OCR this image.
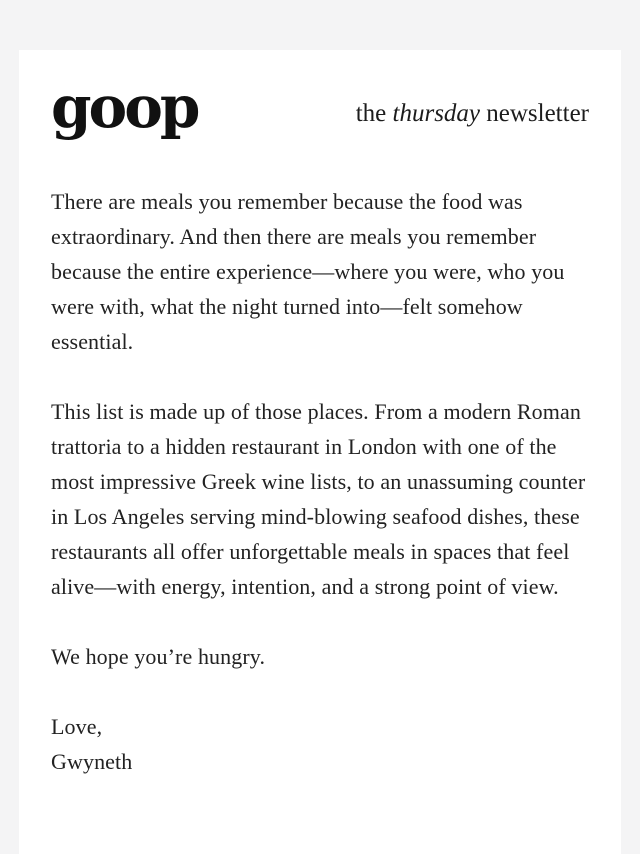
goop	the thursday newsletter

There are meals you remember because the food was extraordinary. And then there are meals you remember because the entire experience—where you were, who you were with, what the night turned into—felt somehow essential.

This list is made up of those places. From a modern Roman trattoria to a hidden restaurant in London with one of the most impressive Greek wine lists, to an unassuming counter in Los Angeles serving mind-blowing seafood dishes, these restaurants all offer unforgettable meals in spaces that feel alive—with energy, intention, and a strong point of view.

We hope you’re hungry.

Love,
Gwyneth
